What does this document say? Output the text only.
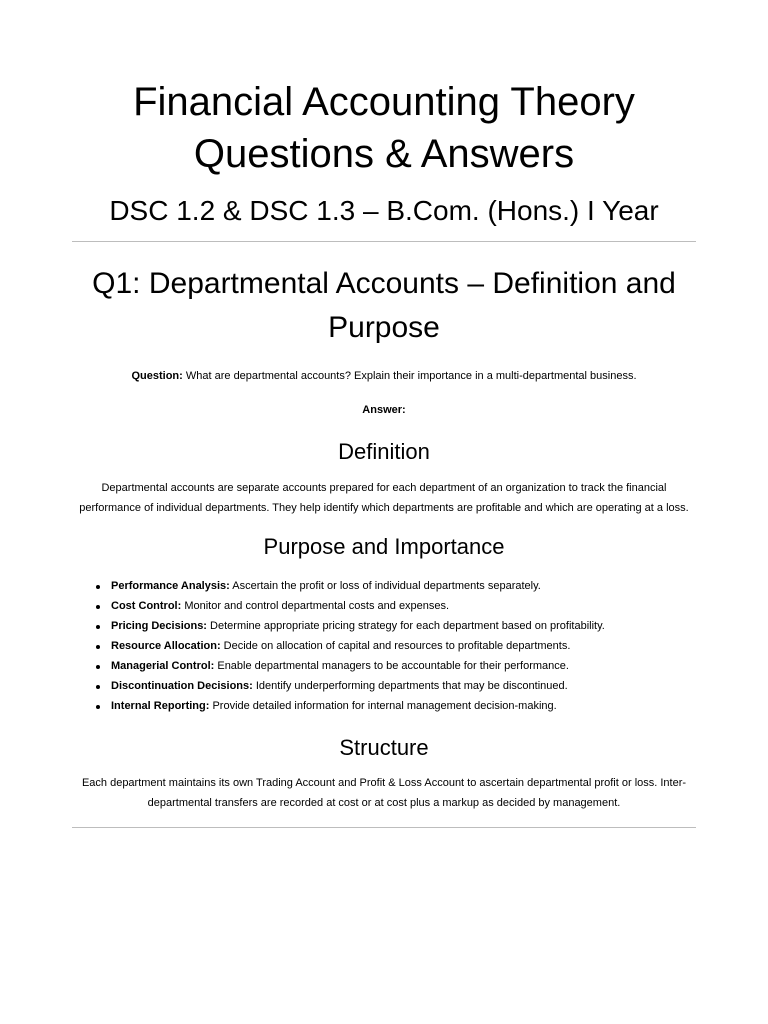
Financial Accounting Theory Questions & Answers
DSC 1.2 & DSC 1.3 – B.Com. (Hons.) I Year
Q1: Departmental Accounts – Definition and Purpose

Question: What are departmental accounts? Explain their importance in a multi-departmental business.

Answer:

Definition

Departmental accounts are separate accounts prepared for each department of an organization to track the financial performance of individual departments. They help identify which departments are profitable and which are operating at a loss.

Purpose and Importance
Performance Analysis: Ascertain the profit or loss of individual departments separately.
Cost Control: Monitor and control departmental costs and expenses.
Pricing Decisions: Determine appropriate pricing strategy for each department based on profitability.
Resource Allocation: Decide on allocation of capital and resources to profitable departments.
Managerial Control: Enable departmental managers to be accountable for their performance.
Discontinuation Decisions: Identify underperforming departments that may be discontinued.
Internal Reporting: Provide detailed information for internal management decision-making.
Structure

Each department maintains its own Trading Account and Profit & Loss Account to ascertain departmental profit or loss. Inter-departmental transfers are recorded at cost or at cost plus a markup as decided by management.
